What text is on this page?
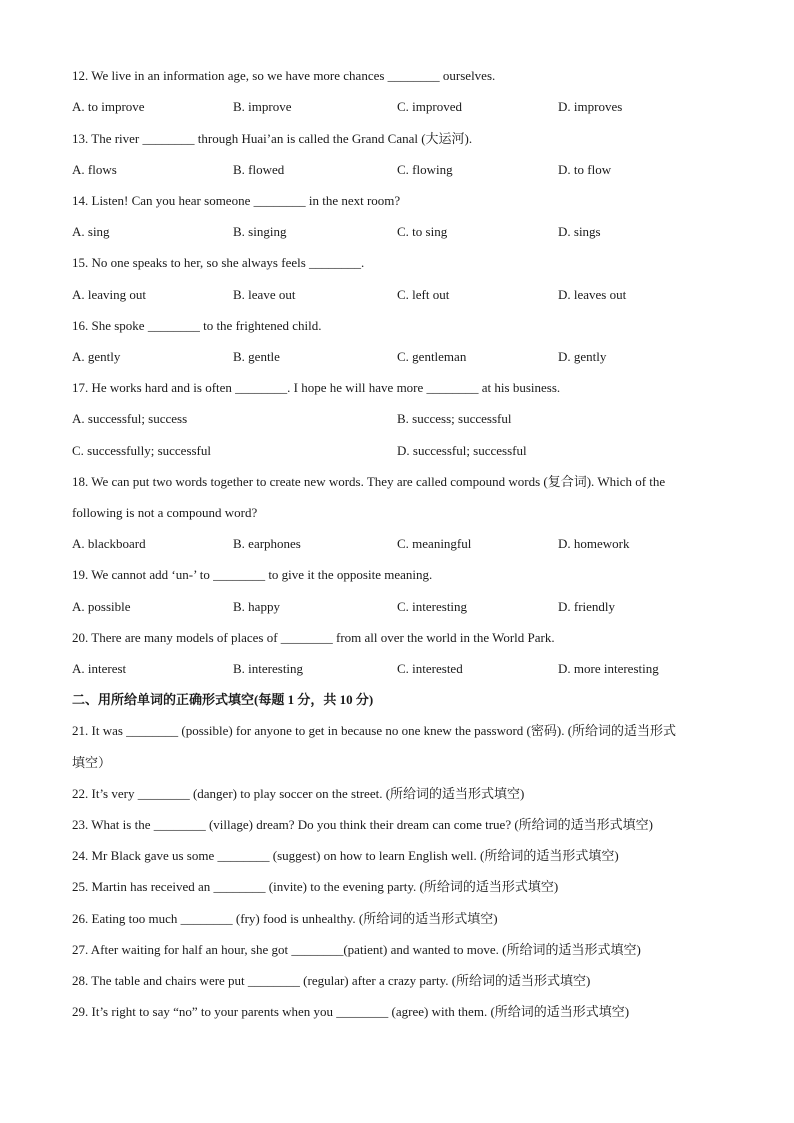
12. We live in an information age, so we have more chances ________ ourselves.
A. to improve	B. improve	C. improved	D. improves
13. The river ________ through Huai’an is called the Grand Canal (大运河).
A. flows	B. flowed	C. flowing	D. to flow
14. Listen! Can you hear someone ________ in the next room?
A. sing	B. singing	C. to sing	D. sings
15. No one speaks to her, so she always feels ________.
A. leaving out	B. leave out	C. left out	D. leaves out
16. She spoke ________ to the frightened child.
A. gently	B. gentle	C. gentleman	D. gently
17. He works hard and is often ________. I hope he will have more ________ at his business.
A. successful; success	B. success; successful
C. successfully; successful	D. successful; successful
18. We can put two words together to create new words. They are called compound words (复合词). Which of the
following is not a compound word?
A. blackboard	B. earphones	C. meaningful	D. homework
19. We cannot add ‘un-’ to ________ to give it the opposite meaning.
A. possible	B. happy	C. interesting	D. friendly
20. There are many models of places of ________ from all over the world in the World Park.
A. interest	B. interesting	C. interested	D. more interesting
二、用所给单词的正确形式填空(每题 1 分，共 10 分)
21. It was ________ (possible) for anyone to get in because no one knew the password (密码). (所给词的适当形式
填空）
22. It’s very ________ (danger) to play soccer on the street. (所给词的适当形式填空)
23. What is the ________ (village) dream? Do you think their dream can come true? (所给词的适当形式填空)
24. Mr Black gave us some ________ (suggest) on how to learn English well. (所给词的适当形式填空)
25. Martin has received an ________ (invite) to the evening party. (所给词的适当形式填空)
26. Eating too much ________ (fry) food is unhealthy. (所给词的适当形式填空)
27. After waiting for half an hour, she got ________(patient) and wanted to move. (所给词的适当形式填空)
28. The table and chairs were put ________ (regular) after a crazy party. (所给词的适当形式填空)
29. It’s right to say “no” to your parents when you ________ (agree) with them. (所给词的适当形式填空)
